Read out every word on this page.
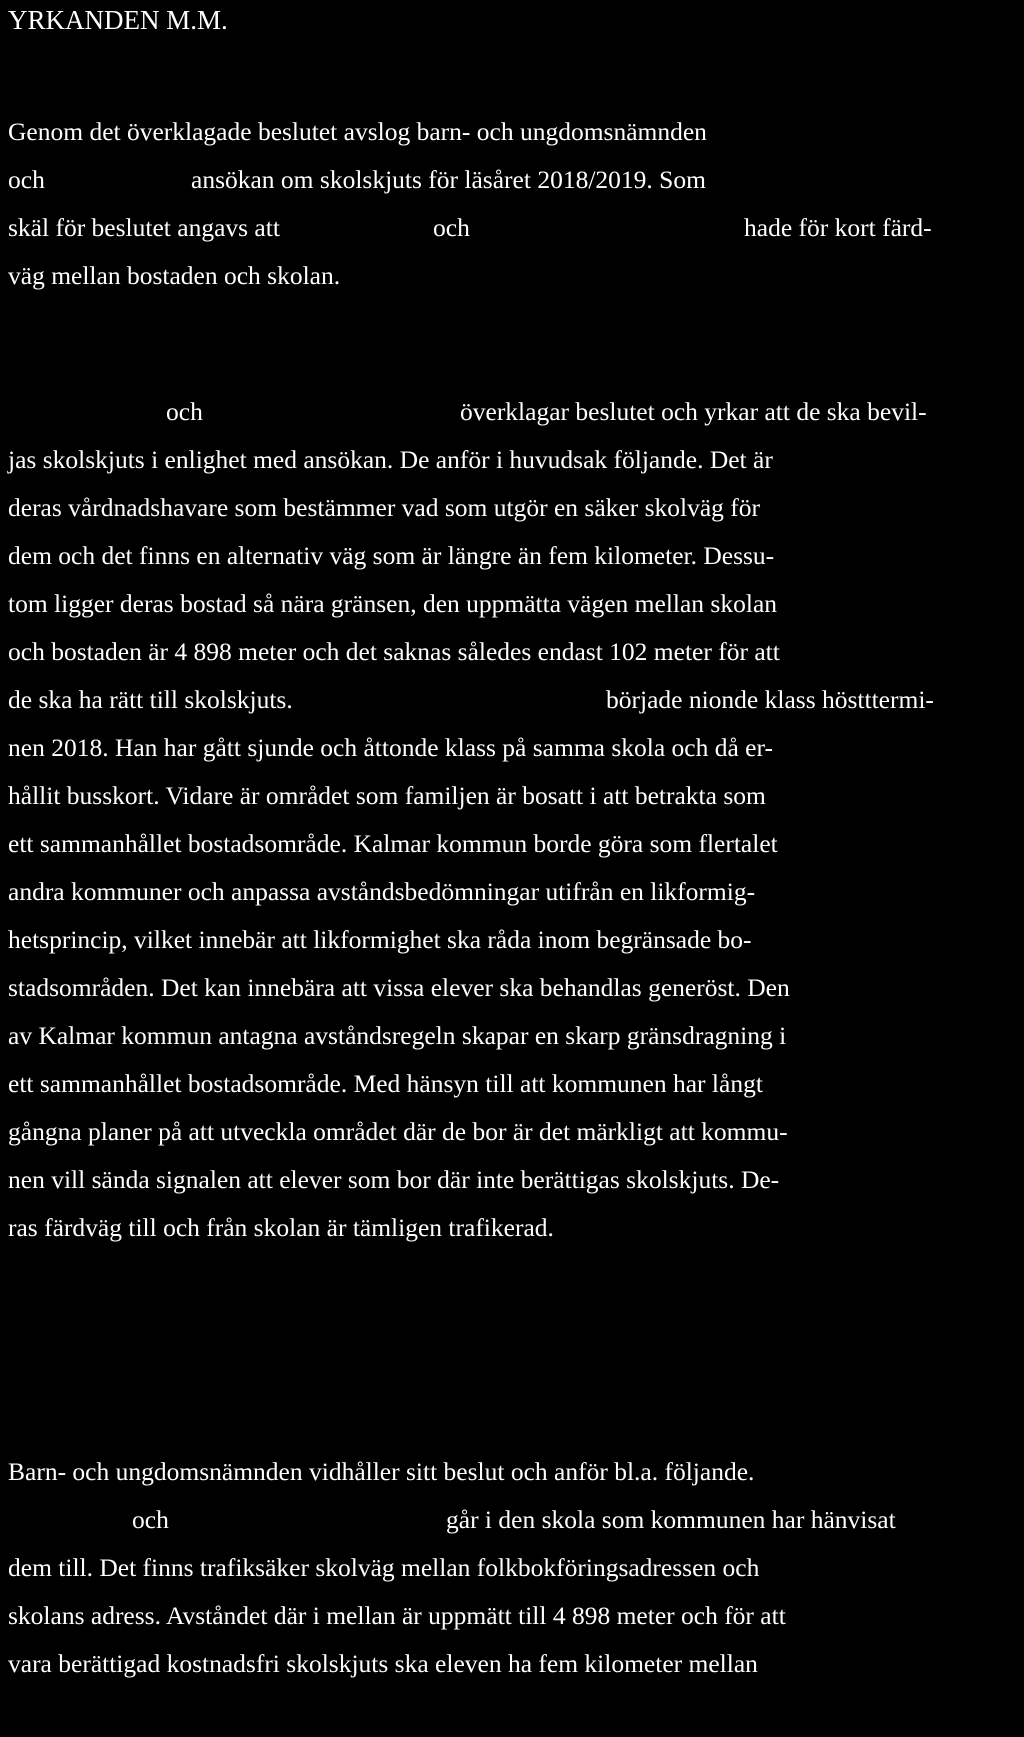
YRKANDEN M.M.
Genom det överklagade beslutet avslog barn- och ungdomsnämnden
och	ansökan om skolskjuts för läsåret 2018/2019. Som
skäl för beslutet angavs att	och	hade för kort färd-
väg mellan bostaden och skolan.
och	överklagar beslutet och yrkar att de ska bevil-
jas skolskjuts i enlighet med ansökan. De anför i huvudsak följande. Det är
deras vårdnadshavare som bestämmer vad som utgör en säker skolväg för
dem och det finns en alternativ väg som är längre än fem kilometer. Dessu-
tom ligger deras bostad så nära gränsen, den uppmätta vägen mellan skolan
och bostaden är 4 898 meter och det saknas således endast 102 meter för att
de ska ha rätt till skolskjuts.	började nionde klass höstttermi-
nen 2018. Han har gått sjunde och åttonde klass på samma skola och då er-
hållit busskort. Vidare är området som familjen är bosatt i att betrakta som
ett sammanhållet bostadsområde. Kalmar kommun borde göra som flertalet
andra kommuner och anpassa avståndsbedömningar utifrån en likformig-
hetsprincip, vilket innebär att likformighet ska råda inom begränsade bo-
stadsområden. Det kan innebära att vissa elever ska behandlas generöst. Den
av Kalmar kommun antagna avståndsregeln skapar en skarp gränsdragning i
ett sammanhållet bostadsområde. Med hänsyn till att kommunen har långt
gångna planer på att utveckla området där de bor är det märkligt att kommu-
nen vill sända signalen att elever som bor där inte berättigas skolskjuts. De-
ras färdväg till och från skolan är tämligen trafikerad.
Barn- och ungdomsnämnden vidhåller sitt beslut och anför bl.a. följande.
och	går i den skola som kommunen har hänvisat
dem till. Det finns trafiksäker skolväg mellan folkbokföringsadressen och
skolans adress. Avståndet där i mellan är uppmätt till 4 898 meter och för att
vara berättigad kostnadsfri skolskjuts ska eleven ha fem kilometer mellan
